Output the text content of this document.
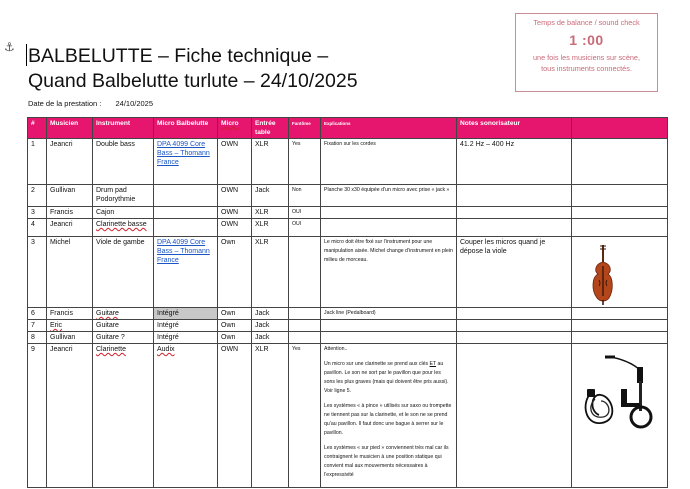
⚓ BALBELUTTE – Fiche technique –
Quand Balbelutte turlute – 24/10/2025
Date de la prestation : 24/10/2025
Temps de balance / sound check
1 :00
une fois les musiciens sur scène,
tous instruments connectés.
#	Musicien	Instrument	Micro Balbelutte	Micro	Entrée table	Fantôme	Explications	Notes sonorisateur	
1	Jeancri	Double bass	DPA 4099 Core Bass – Thomann France	OWN	XLR	Yes	Fixation sur les cordes	41.2 Hz – 400 Hz	
2	Gullivan	Drum pad Podorythmie		OWN	Jack	Non	Planche 30 x30 équipée d’un micro avec prise « jack »		
3	Francis	Cajon		OWN	XLR	OUI			
4	Jeancri	Clarinette basse		OWN	XLR	OUI			
3	Michel	Viole de gambe	DPA 4099 Core Bass – Thomann France	Own	XLR		Le micro doit être fixé sur l’instrument pour une manipulation aisée. Michel change d’instrument en plein milieu de morceau.	Couper les micros quand je dépose la viole	

6	Francis	Guitare	Intégré	Own	Jack		Jack line (Pedalboard)		
7	Eric	Guitare	Intégré	Own	Jack				
8	Gullivan	Guitare ?	Intégré	Own	Jack				
9	Jeancri	Clarinette	Audix	OWN	XLR	Yes	Attention..

Un micro sur une clarinette se prend aux clés ET au pavillon. Le son ne sort par le pavillon que pour les sons les plus graves (mais qui doivent être pris aussi). Voir ligne 5.

Les systèmes « à pince » utilisés sur saxo ou trompette ne tiennent pas sur la clarinette, et le son ne se prend qu’au pavillon. Il faut donc une bague à serrer sur le pavillon.

Les systèmes « sur pied » conviennent très mal car ils contraignent le musicien à une position statique qui convient mal aux mouvements nécessaires à l’expressivité
